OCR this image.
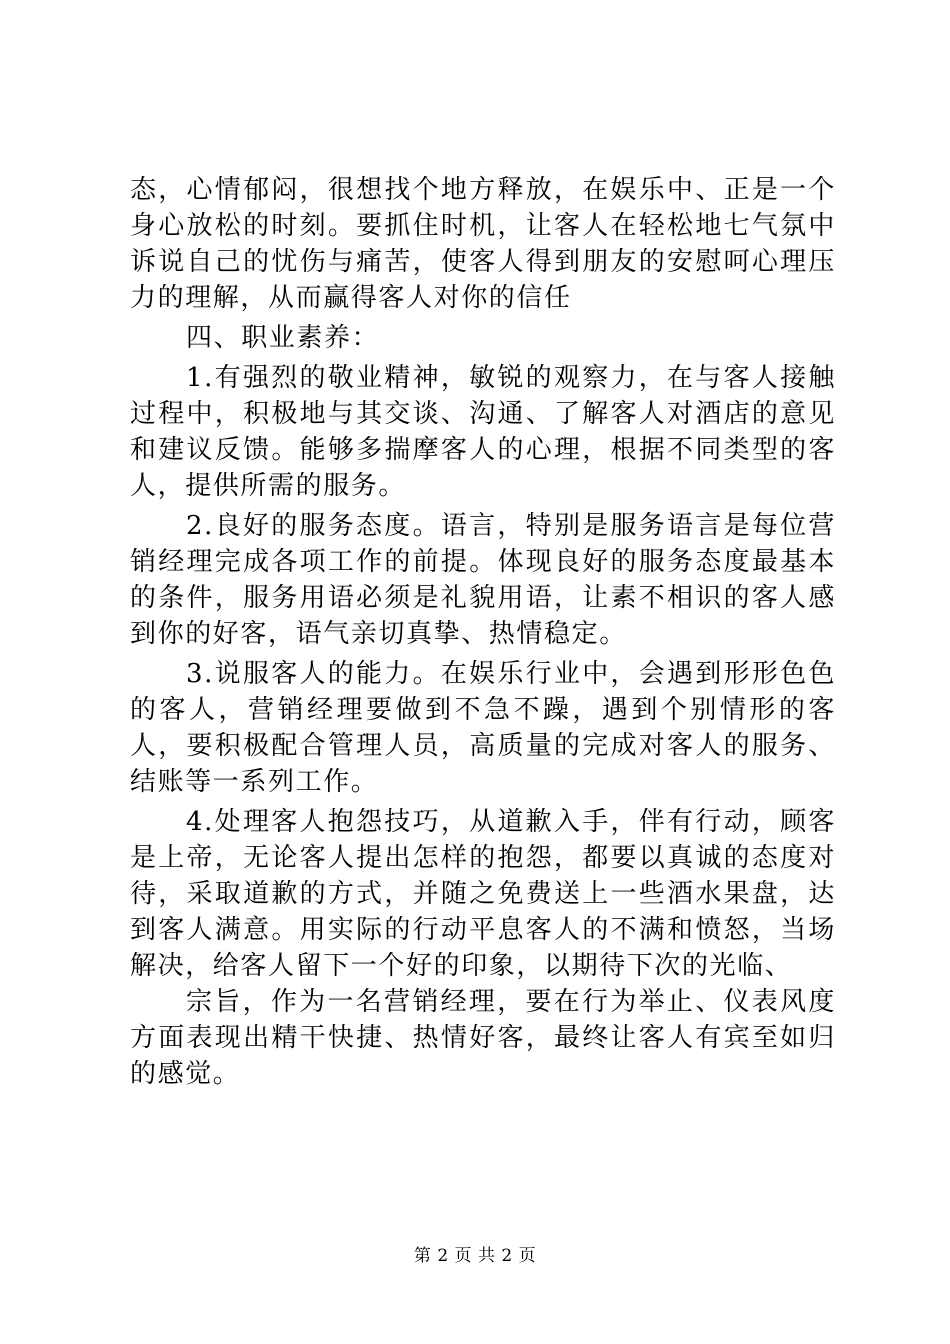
态，心情郁闷，很想找个地方释放，在娱乐中、正是一个身心放松的时刻。要抓住时机，让客人在轻松地七气氛中诉说自己的忧伤与痛苦，使客人得到朋友的安慰呵心理压力的理解，从而赢得客人对你的信任

四、职业素养：

1.有强烈的敬业精神，敏锐的观察力，在与客人接触过程中，积极地与其交谈、沟通、了解客人对酒店的意见和建议反馈。能够多揣摩客人的心理，根据不同类型的客人，提供所需的服务。

2.良好的服务态度。语言，特别是服务语言是每位营销经理完成各项工作的前提。体现良好的服务态度最基本的条件，服务用语必须是礼貌用语，让素不相识的客人感到你的好客，语气亲切真挚、热情稳定。

3.说服客人的能力。在娱乐行业中，会遇到形形色色的客人，营销经理要做到不急不躁，遇到个别情形的客人，要积极配合管理人员，高质量的完成对客人的服务、结账等一系列工作。

4.处理客人抱怨技巧，从道歉入手，伴有行动，顾客是上帝，无论客人提出怎样的抱怨，都要以真诚的态度对待，采取道歉的方式，并随之免费送上一些酒水果盘，达到客人满意。用实际的行动平息客人的不满和愤怒，当场解决，给客人留下一个好的印象，以期待下次的光临、

宗旨，作为一名营销经理，要在行为举止、仪表风度方面表现出精干快捷、热情好客，最终让客人有宾至如归的感觉。

第 2 页 共 2 页
